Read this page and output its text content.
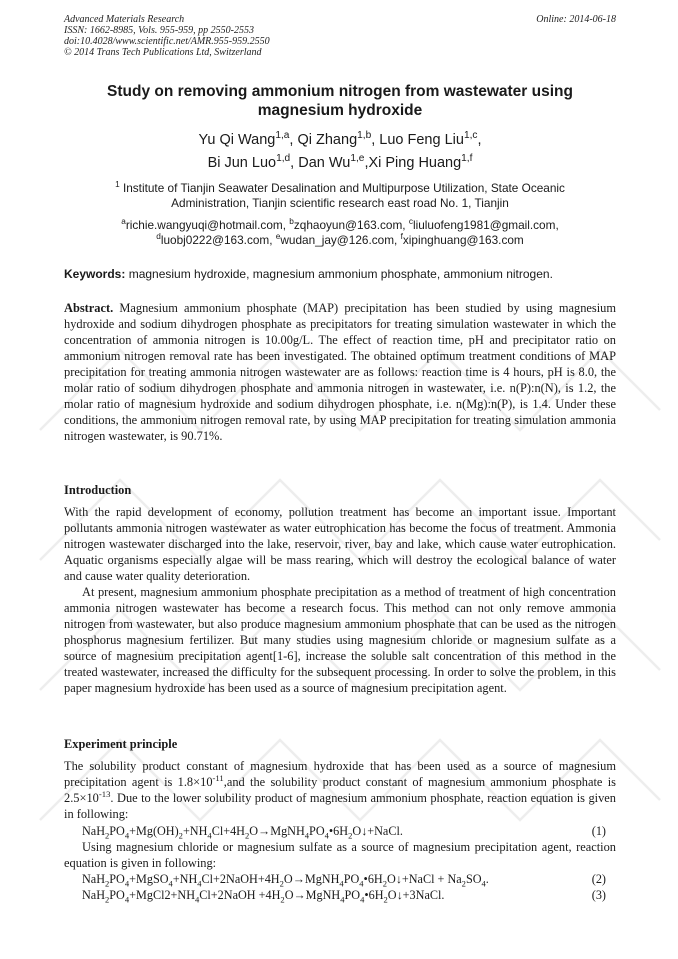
Advanced Materials Research
ISSN: 1662-8985, Vols. 955-959, pp 2550-2553
doi:10.4028/www.scientific.net/AMR.955-959.2550
© 2014 Trans Tech Publications Ltd, Switzerland
Online: 2014-06-18
Study on removing ammonium nitrogen from wastewater using
magnesium hydroxide
Yu Qi Wang$^{1,a}$, Qi Zhang$^{1,b}$, Luo Feng Liu$^{1,c}$,
Bi Jun Luo$^{1,d}$, Dan Wu$^{1,e}$,Xi Ping Huang$^{1,f}$
$^1$ Institute of Tianjin Seawater Desalination and Multipurpose Utilization, State Oceanic
Administration, Tianjin scientific research east road No. 1, Tianjin
$^a$richie.wangyuqi@hotmail.com, $^b$zqhaoyun@163.com, $^c$liuluofeng1981@gmail.com,
$^d$luobj0222@163.com, $^e$wudan_jay@126.com, $^f$xipinghuang@163.com
Keywords: magnesium hydroxide, magnesium ammonium phosphate, ammonium nitrogen.

Abstract. Magnesium ammonium phosphate (MAP) precipitation has been studied by using magnesium hydroxide and sodium dihydrogen phosphate as precipitators for treating simulation wastewater in which the concentration of ammonia nitrogen is 10.00g/L. The effect of reaction time, pH and precipitator ratio on ammonium nitrogen removal rate has been investigated. The obtained optimum treatment conditions of MAP precipitation for treating ammonia nitrogen wastewater are as follows: reaction time is 4 hours, pH is 8.0, the molar ratio of sodium dihydrogen phosphate and ammonia nitrogen in wastewater, i.e. n(P):n(N), is 1.2, the molar ratio of magnesium hydroxide and sodium dihydrogen phosphate, i.e. n(Mg):n(P), is 1.4. Under these conditions, the ammonium nitrogen removal rate, by using MAP precipitation for treating simulation ammonia nitrogen wastewater, is 90.71%.

Introduction

With the rapid development of economy, pollution treatment has become an important issue. Important pollutants ammonia nitrogen wastewater as water eutrophication has become the focus of treatment. Ammonia nitrogen wastewater discharged into the lake, reservoir, river, bay and lake, which cause water eutrophication. Aquatic organisms especially algae will be mass rearing, which will destroy the ecological balance of water and cause water quality deterioration.

At present, magnesium ammonium phosphate precipitation as a method of treatment of high concentration ammonia nitrogen wastewater has become a research focus. This method can not only remove ammonia nitrogen from wastewater, but also produce magnesium ammonium phosphate that can be used as the nitrogen phosphorus magnesium fertilizer. But many studies using magnesium chloride or magnesium sulfate as a source of magnesium precipitation agent[1-6], increase the soluble salt concentration of this method in the treated wastewater, increased the difficulty for the subsequent processing. In order to solve the problem, in this paper magnesium hydroxide has been used as a source of magnesium precipitation agent.

Experiment principle

The solubility product constant of magnesium hydroxide that has been used as a source of magnesium precipitation agent is $1.8\times 10^{-11},and$ the solubility product constant of magnesium ammonium phosphate is $2.5\times 10^{-13}$. Due to the lower solubility product of magnesium ammonium phosphate, reaction equation is given in following:

$NaH_2PO_4+Mg(OH)_2+NH_4Cl+4H_2O\to MgNH_4PO_4•6H_2O↓+NaCl$.	(1)

Using magnesium chloride or magnesium sulfate as a source of magnesium precipitation agent, reaction equation is given in following:

$NaH_2PO_4+MgSO_4+NH_4Cl+2NaOH+4H_2O\to MgNH_4PO_4•6H_2O↓+NaCl + Na_2SO_4$.	(2)
$NaH_2PO_4+MgCl2+NH_4Cl+2NaOH$ $+4H_2O\to MgNH_4PO_4•6H_2O↓+3NaCl$.	(3)
